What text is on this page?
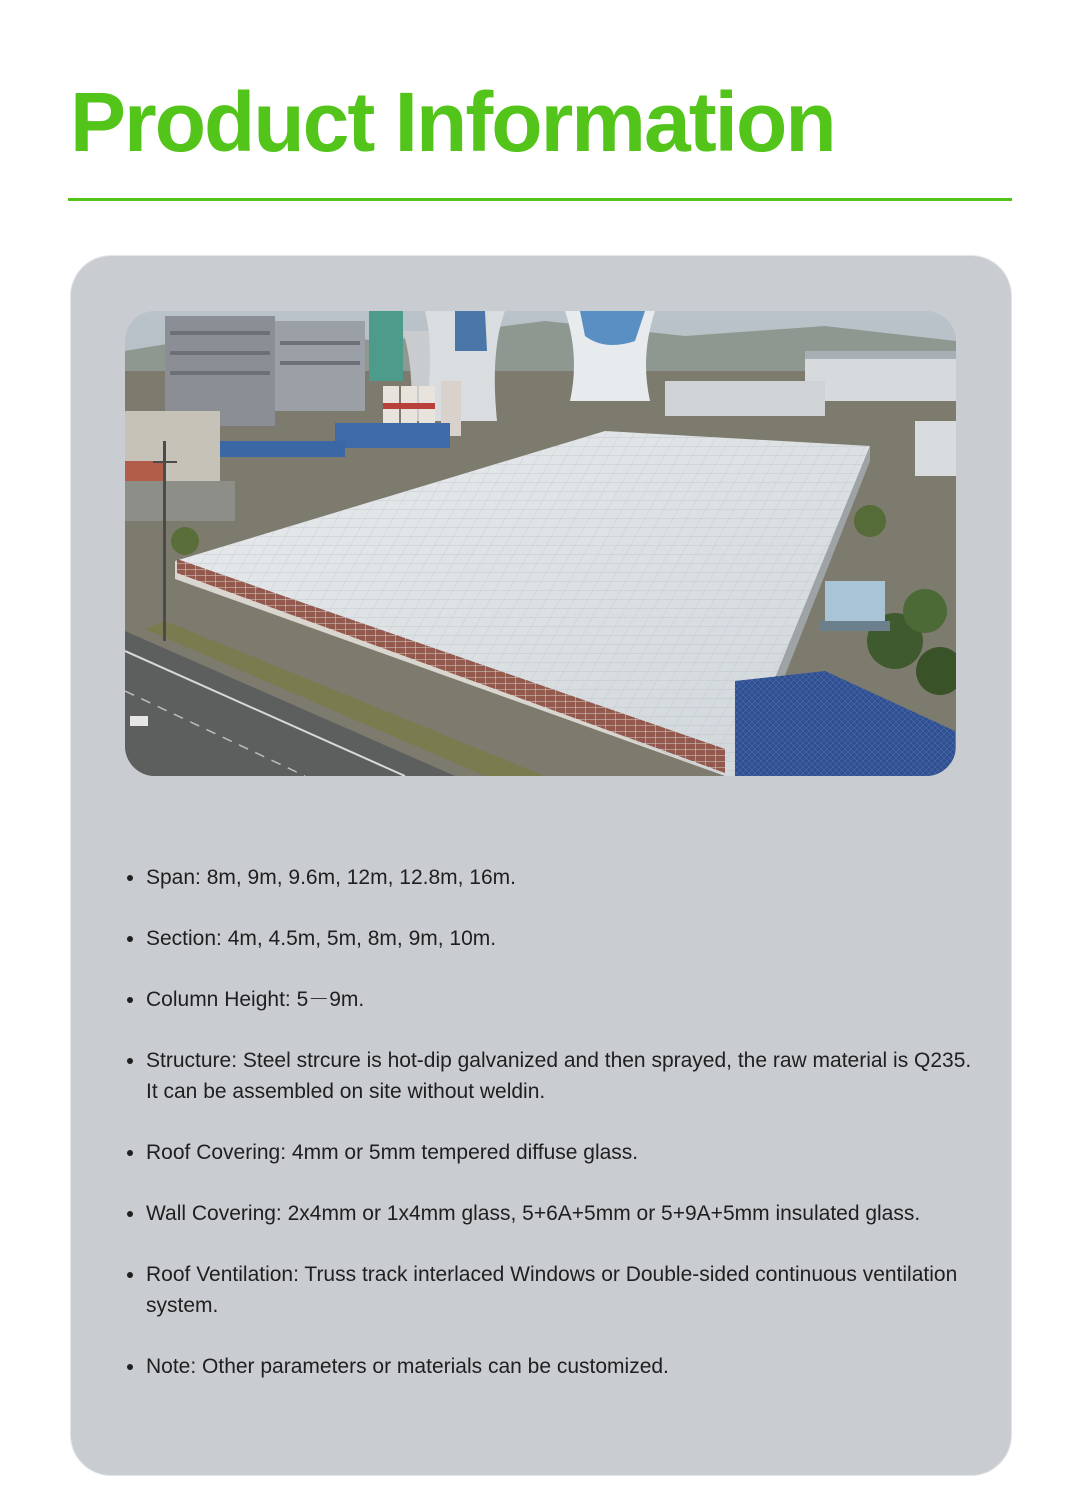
Product Information
Span: 8m, 9m, 9.6m, 12m, 12.8m, 16m.
Section: 4m, 4.5m, 5m, 8m, 9m, 10m.
Column Height: 5－9m.
Structure: Steel strcure is hot-dip galvanized and then sprayed, the raw material is Q235. It can be assembled on site without weldin.
Roof Covering: 4mm or 5mm tempered diffuse glass.
Wall Covering: 2x4mm or 1x4mm glass, 5+6A+5mm or 5+9A+5mm insulated glass.
Roof Ventilation: Truss track interlaced Windows or Double-sided continuous ventilation system.
Note: Other parameters or materials can be customized.
